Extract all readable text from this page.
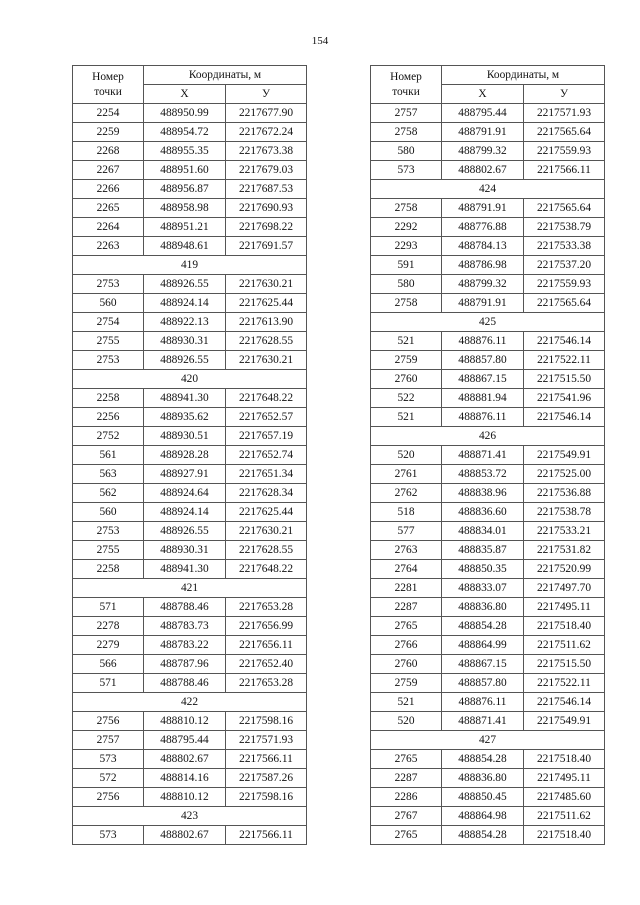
154
Номер
точки	Координаты, м	
	X	У
2254	488950.99	2217677.90
2259	488954.72	2217672.24
2268	488955.35	2217673.38
2267	488951.60	2217679.03
2266	488956.87	2217687.53
2265	488958.98	2217690.93
2264	488951.21	2217698.22
2263	488948.61	2217691.57
419		
2753	488926.55	2217630.21
560	488924.14	2217625.44
2754	488922.13	2217613.90
2755	488930.31	2217628.55
2753	488926.55	2217630.21
420		
2258	488941.30	2217648.22
2256	488935.62	2217652.57
2752	488930.51	2217657.19
561	488928.28	2217652.74
563	488927.91	2217651.34
562	488924.64	2217628.34
560	488924.14	2217625.44
2753	488926.55	2217630.21
2755	488930.31	2217628.55
2258	488941.30	2217648.22
421		
571	488788.46	2217653.28
2278	488783.73	2217656.99
2279	488783.22	2217656.11
566	488787.96	2217652.40
571	488788.46	2217653.28
422		
2756	488810.12	2217598.16
2757	488795.44	2217571.93
573	488802.67	2217566.11
572	488814.16	2217587.26
2756	488810.12	2217598.16
423		
573	488802.67	2217566.11
Номер
точки	Координаты, м	
	X	У
2757	488795.44	2217571.93
2758	488791.91	2217565.64
580	488799.32	2217559.93
573	488802.67	2217566.11
424		
2758	488791.91	2217565.64
2292	488776.88	2217538.79
2293	488784.13	2217533.38
591	488786.98	2217537.20
580	488799.32	2217559.93
2758	488791.91	2217565.64
425		
521	488876.11	2217546.14
2759	488857.80	2217522.11
2760	488867.15	2217515.50
522	488881.94	2217541.96
521	488876.11	2217546.14
426		
520	488871.41	2217549.91
2761	488853.72	2217525.00
2762	488838.96	2217536.88
518	488836.60	2217538.78
577	488834.01	2217533.21
2763	488835.87	2217531.82
2764	488850.35	2217520.99
2281	488833.07	2217497.70
2287	488836.80	2217495.11
2765	488854.28	2217518.40
2766	488864.99	2217511.62
2760	488867.15	2217515.50
2759	488857.80	2217522.11
521	488876.11	2217546.14
520	488871.41	2217549.91
427		
2765	488854.28	2217518.40
2287	488836.80	2217495.11
2286	488850.45	2217485.60
2767	488864.98	2217511.62
2765	488854.28	2217518.40
